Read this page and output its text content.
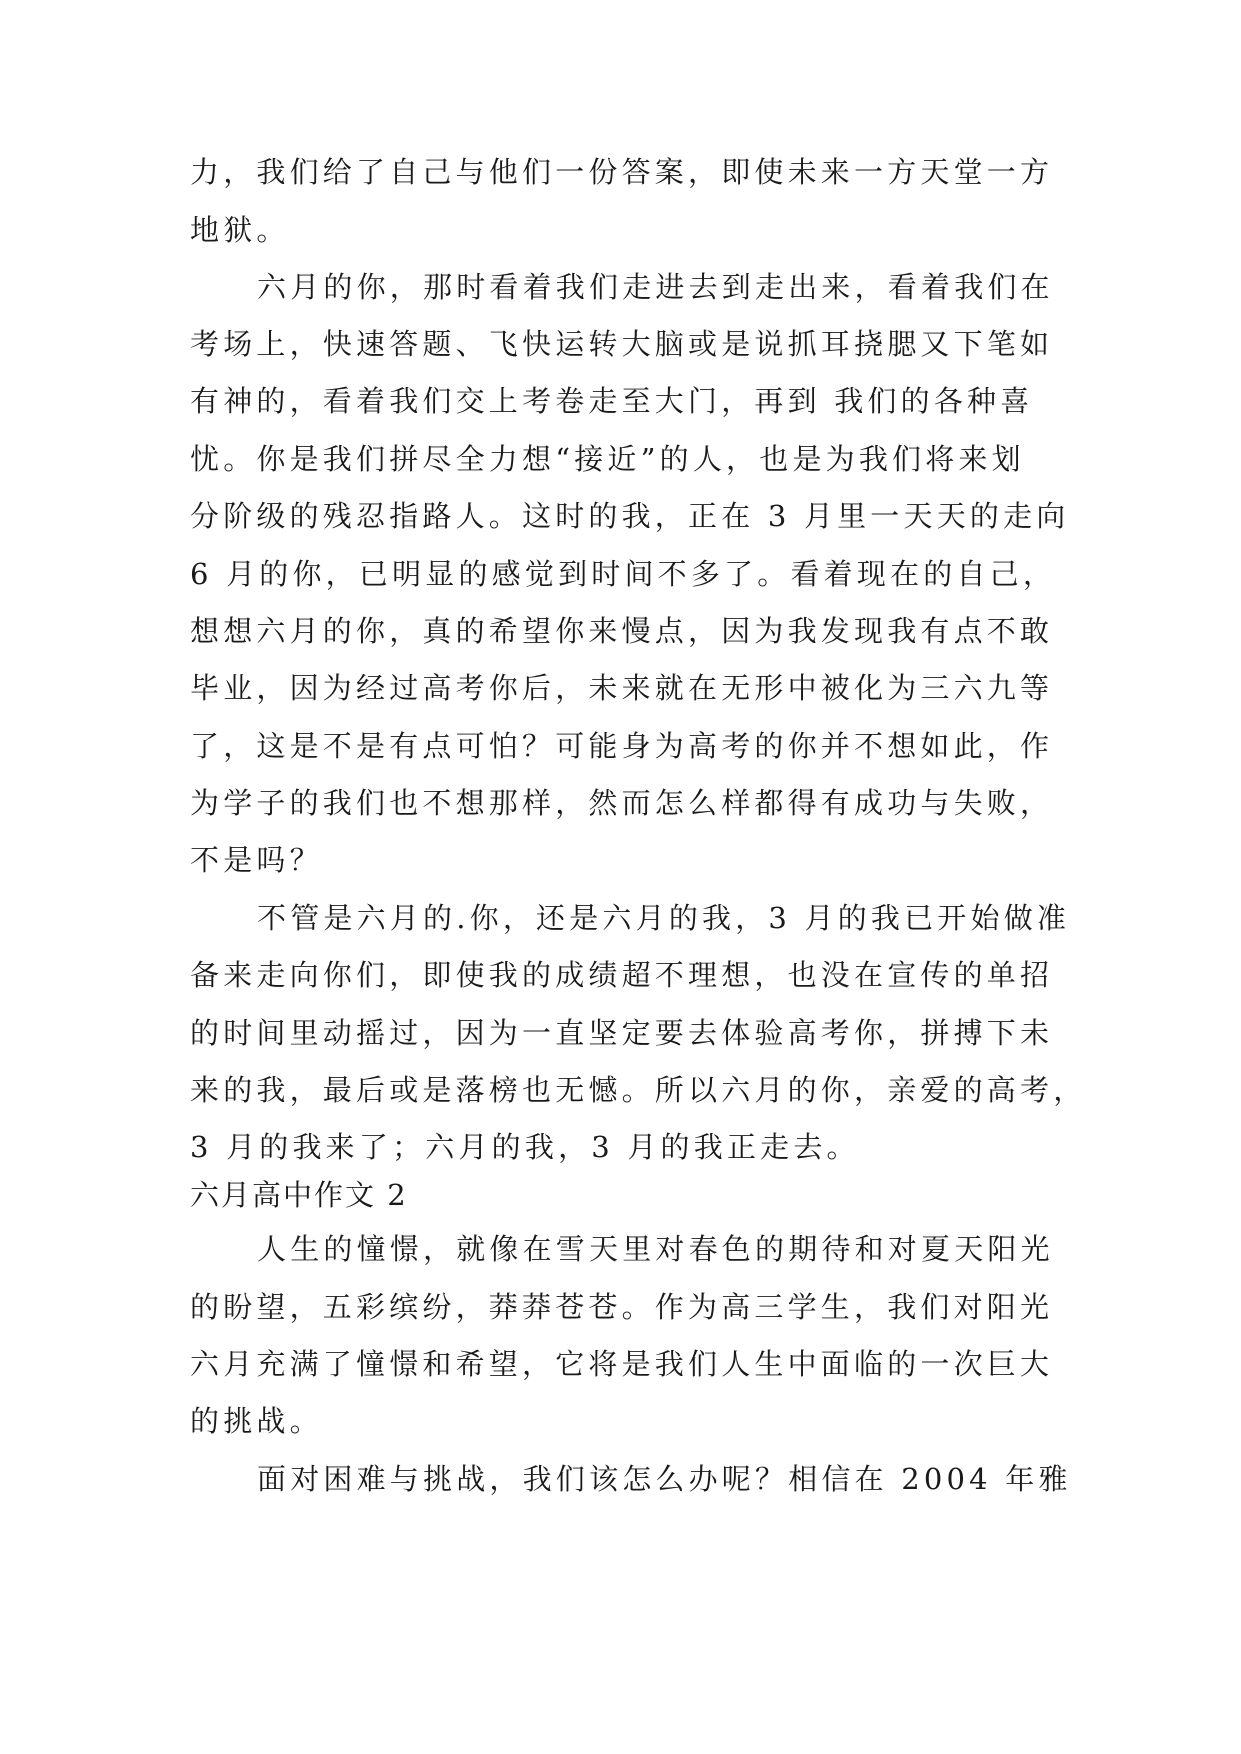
力，我们给了自己与他们一份答案，即使未来一方天堂一方

地狱。

六月的你，那时看着我们走进去到走出来，看着我们在

考场上，快速答题、飞快运转大脑或是说抓耳挠腮又下笔如

有神的，看着我们交上考卷走至大门，再到 我们的各种喜

忧。你是我们拼尽全力想“接近”的人，也是为我们将来划

分阶级的残忍指路人。这时的我，正在 3 月里一天天的走向

6 月的你，已明显的感觉到时间不多了。看着现在的自己，

想想六月的你，真的希望你来慢点，因为我发现我有点不敢

毕业，因为经过高考你后，未来就在无形中被化为三六九等

了，这是不是有点可怕？可能身为高考的你并不想如此，作

为学子的我们也不想那样，然而怎么样都得有成功与失败，

不是吗？

不管是六月的.你，还是六月的我，3 月的我已开始做准

备来走向你们，即使我的成绩超不理想，也没在宣传的单招

的时间里动摇过，因为一直坚定要去体验高考你，拼搏下未

来的我，最后或是落榜也无憾。所以六月的你，亲爱的高考，

3 月的我来了；六月的我，3 月的我正走去。

六月高中作文 2

人生的憧憬，就像在雪天里对春色的期待和对夏天阳光

的盼望，五彩缤纷，莽莽苍苍。作为高三学生，我们对阳光

六月充满了憧憬和希望，它将是我们人生中面临的一次巨大

的挑战。

面对困难与挑战，我们该怎么办呢？相信在 2004 年雅
